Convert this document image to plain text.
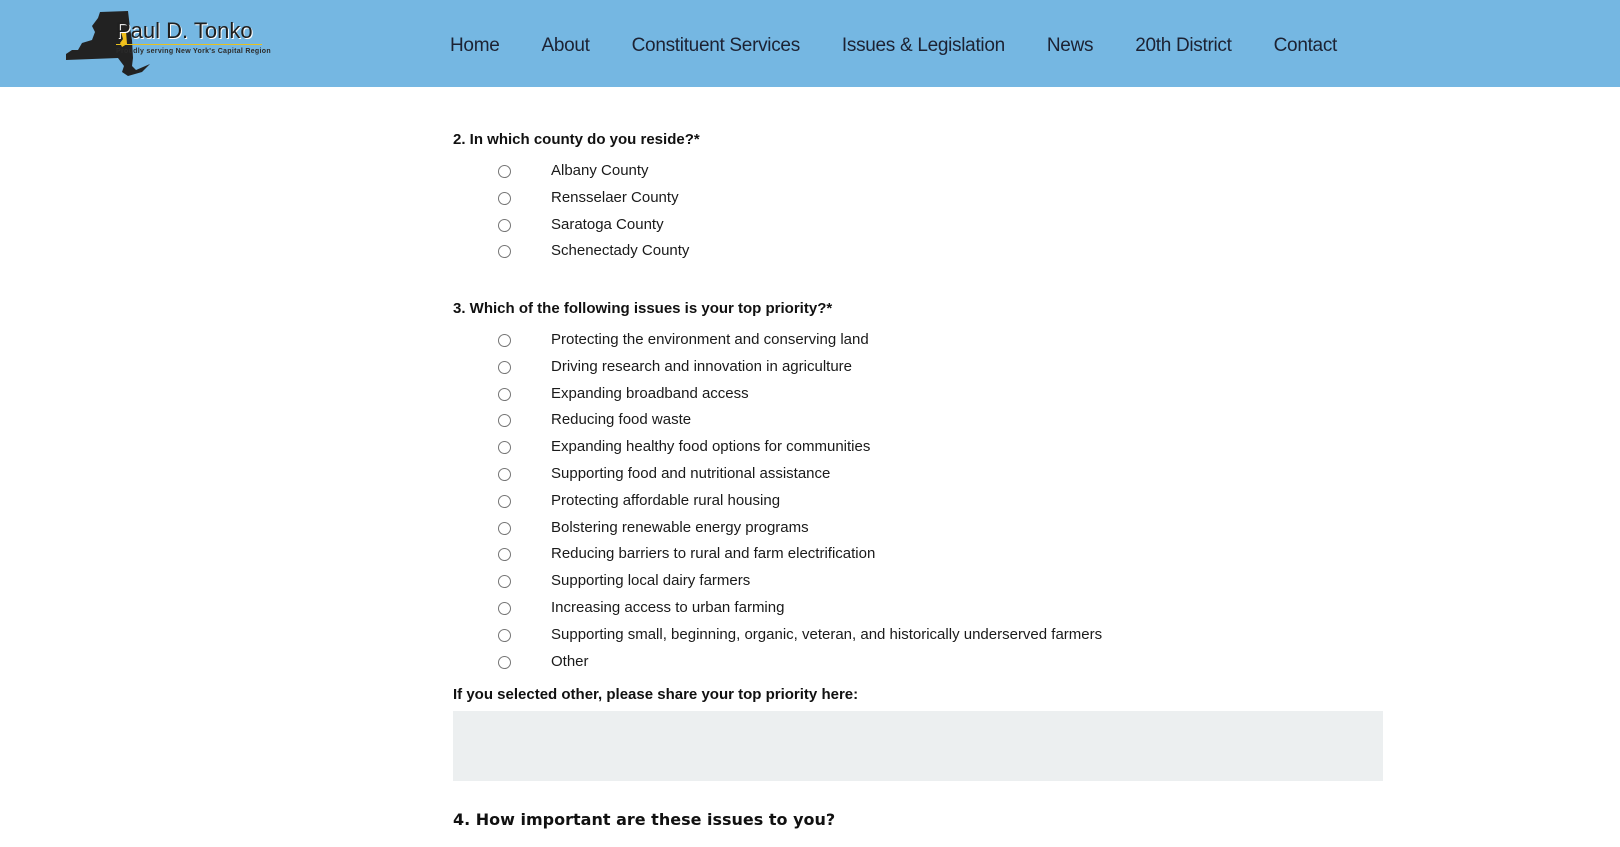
Paul D. Tonko
Proudly serving New York's Capital Region	Home About Constituent Services Issues & Legislation News 20th District Contact
2. In which county do you reside?*
Albany County
Rensselaer County
Saratoga County
Schenectady County
3. Which of the following issues is your top priority?*
Protecting the environment and conserving land
Driving research and innovation in agriculture
Expanding broadband access
Reducing food waste
Expanding healthy food options for communities
Supporting food and nutritional assistance
Protecting affordable rural housing
Bolstering renewable energy programs
Reducing barriers to rural and farm electrification
Supporting local dairy farmers
Increasing access to urban farming
Supporting small, beginning, organic, veteran, and historically underserved farmers
Other
If you selected other, please share your top priority here:
4. How important are these issues to you?
